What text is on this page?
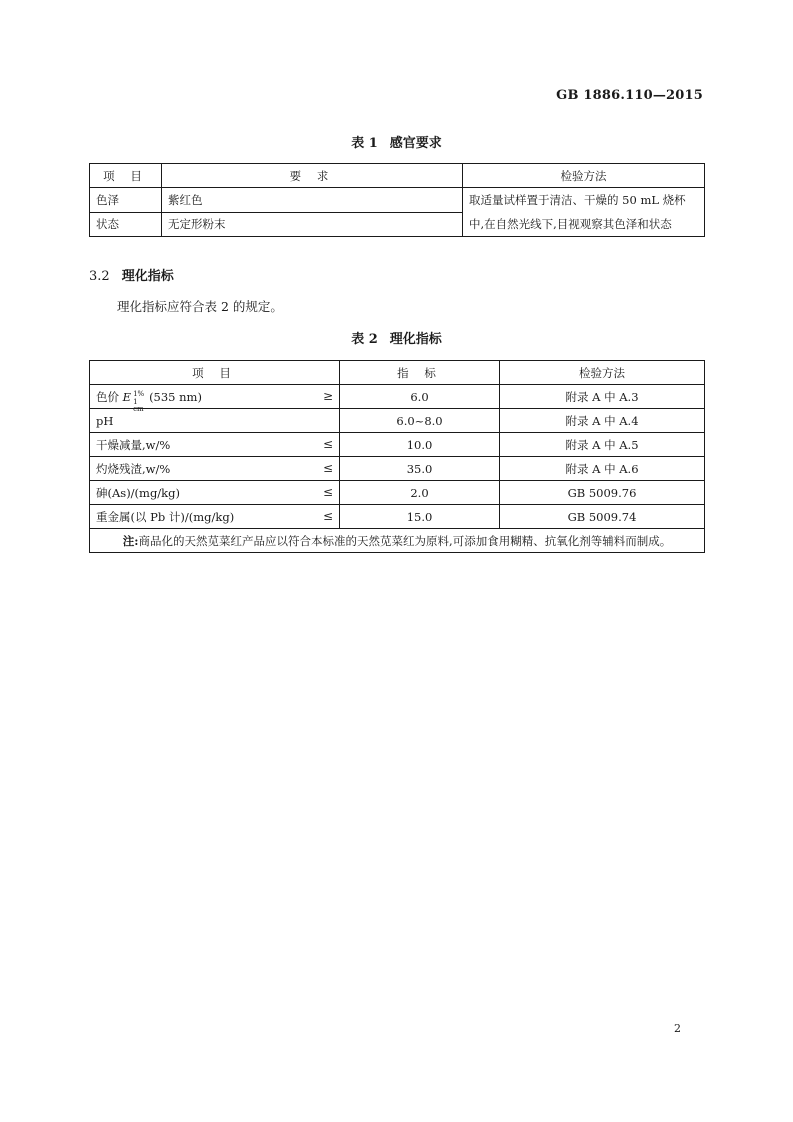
GB 1886.110—2015
表 1 感官要求
项 目	要 求	检验方法
色泽	紫红色	取适量试样置于清洁、干燥的 50 mL 烧杯
中,在自然光线下,目视观察其色泽和状态

状态	无定形粉末	
3.2 理化指标
理化指标应符合表 2 的规定。
表 2 理化指标
项 目	指 标	检验方法
色价 E 1%
1 cm
(535 nm) ≥	6.0	附录 A 中 A.3
pH	6.0~8.0	附录 A 中 A.4
干燥减量,w/% ≤	10.0	附录 A 中 A.5
灼烧残渣,w/% ≤	35.0	附录 A 中 A.6
砷(As)/(mg/kg) ≤	2.0	GB 5009.76
重金属(以 Pb 计)/(mg/kg) ≤	15.0	GB 5009.74
注:商品化的天然苋菜红产品应以符合本标准的天然苋菜红为原料,可添加食用糊精、抗氧化剂等辅料而制成。		
2
